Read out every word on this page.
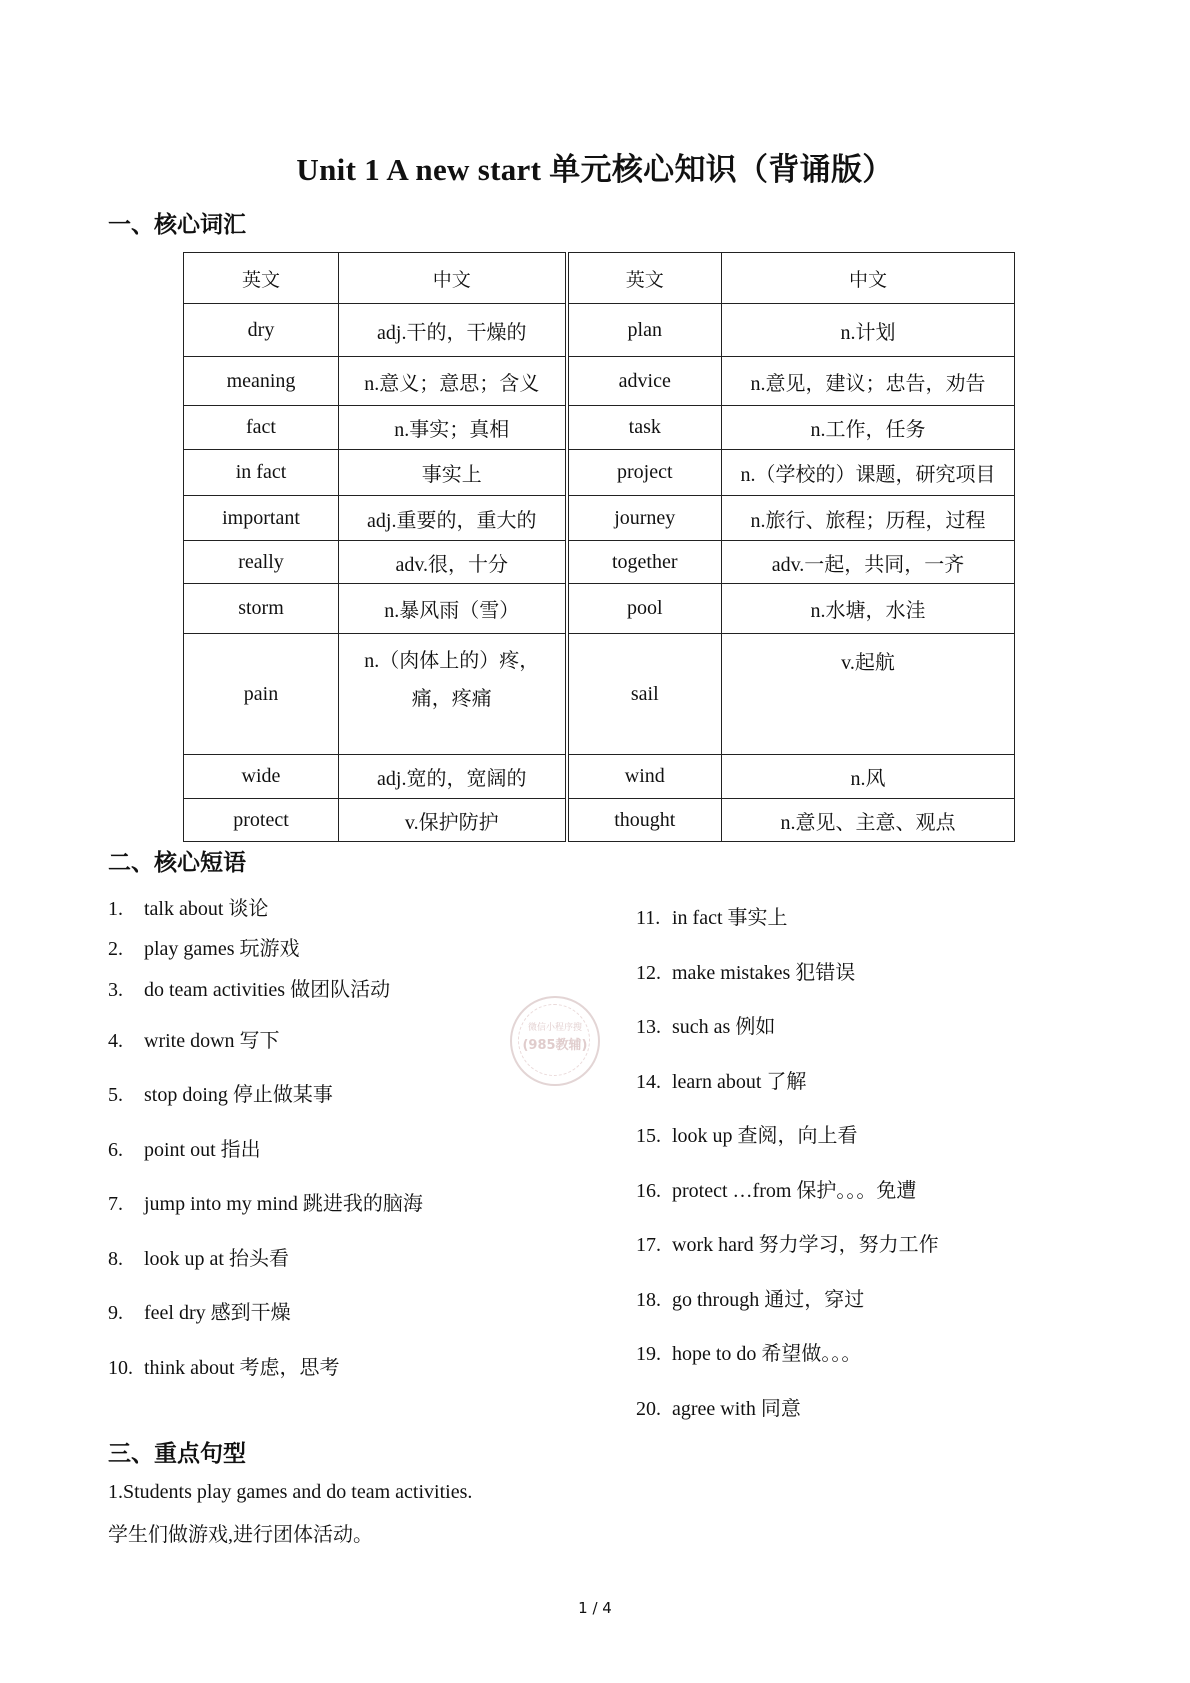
Unit 1 A new start 单元核心知识（背诵版）
一、核心词汇
英文	中文	英文	中文
dry	adj.干的，干燥的	plan	n.计划
meaning	n.意义；意思；含义	advice	n.意见，建议；忠告，劝告
fact	n.事实；真相	task	n.工作，任务
in fact	事实上	project	n.（学校的）课题，研究项目
important	adj.重要的，重大的	journey	n.旅行、旅程；历程，过程
really	adv.很，十分	together	adv.一起，共同，一齐
storm	n.暴风雨（雪）	pool	n.水塘，水洼
pain	n.（肉体上的）疼，痛，疼痛	sail	v.起航
wide	adj.宽的，宽阔的	wind	n.风
protect	v.保护防护	thought	n.意见、主意、观点
二、核心短语
1. talk about 谈论
2. play games 玩游戏
3. do team activities 做团队活动
4. write down 写下
5. stop doing 停止做某事
6. point out 指出
7. jump into my mind 跳进我的脑海
8. look up at 抬头看
9. feel dry 感到干燥
10. think about 考虑，思考
11. in fact 事实上
12. make mistakes 犯错误
13. such as 例如
14. learn about 了解
15. look up 查阅，向上看
16. protect …from 保护。。。免遭
17. work hard 努力学习，努力工作
18. go through 通过，穿过
19. hope to do 希望做。。。
20. agree with 同意
微信小程序搜
(985教辅)
三、重点句型
1.Students play games and do team activities.
学生们做游戏,进行团体活动。
1 / 4
